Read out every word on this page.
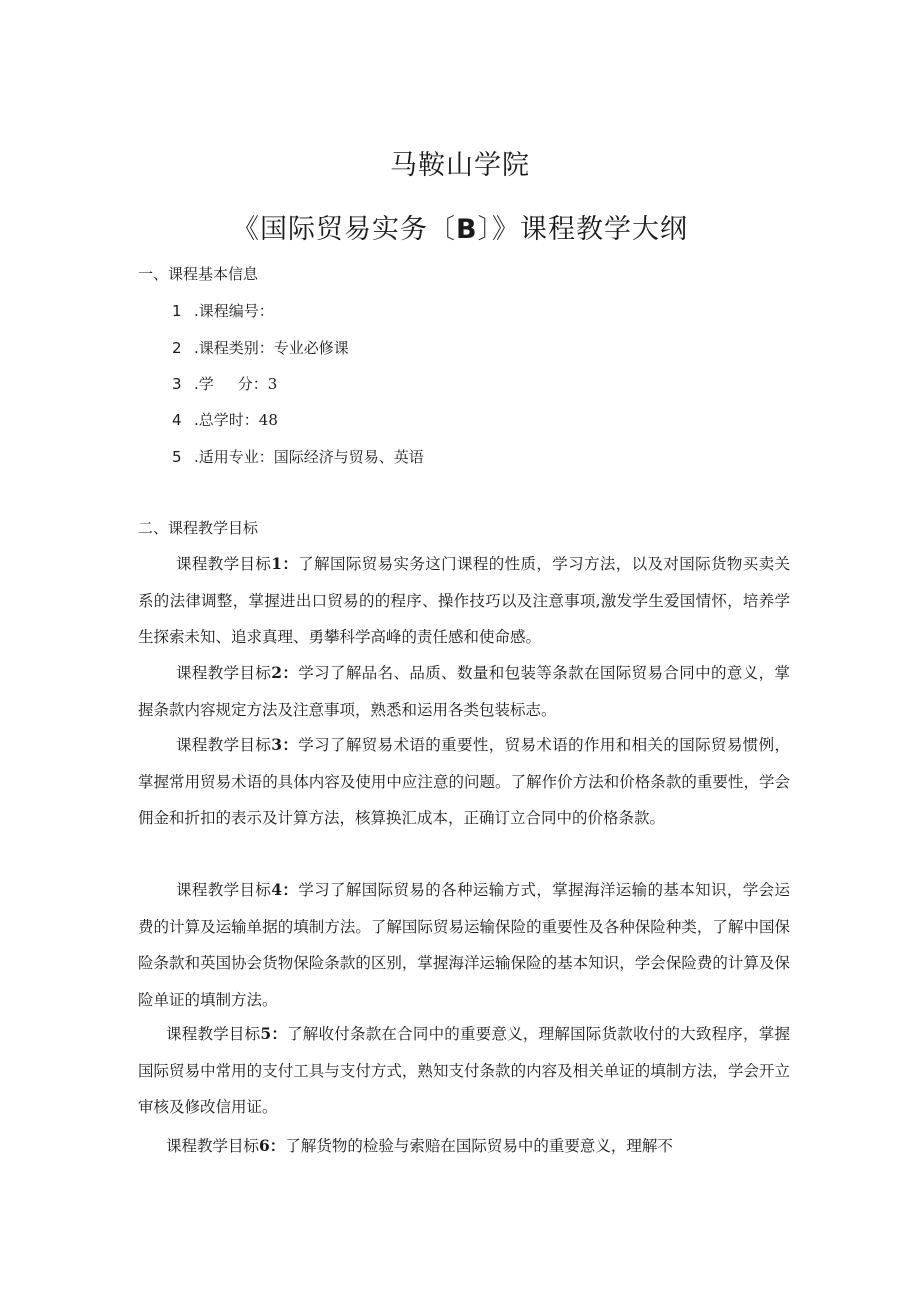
马鞍山学院
《国际贸易实务〔B〕》课程教学大纲
一、课程基本信息
1 .课程编号：
2 .课程类别：专业必修课
3 .学 分：3
4 .总学时：48
5 .适用专业：国际经济与贸易、英语
二、课程教学目标
课程教学目标1：了解国际贸易实务这门课程的性质，学习方法，以及对国际货物买卖关系的法律调整，掌握进出口贸易的的程序、操作技巧以及注意事项,激发学生爱国情怀，培养学生探索未知、追求真理、勇攀科学高峰的责任感和使命感。
课程教学目标2：学习了解品名、品质、数量和包装等条款在国际贸易合同中的意义，掌握条款内容规定方法及注意事项，熟悉和运用各类包装标志。
课程教学目标3：学习了解贸易术语的重要性，贸易术语的作用和相关的国际贸易惯例，掌握常用贸易术语的具体内容及使用中应注意的问题。了解作价方法和价格条款的重要性，学会佣金和折扣的表示及计算方法，核算换汇成本，正确订立合同中的价格条款。
课程教学目标4：学习了解国际贸易的各种运输方式，掌握海洋运输的基本知识，学会运费的计算及运输单据的填制方法。了解国际贸易运输保险的重要性及各种保险种类，了解中国保险条款和英国协会货物保险条款的区别，掌握海洋运输保险的基本知识，学会保险费的计算及保险单证的填制方法。
课程教学目标5：了解收付条款在合同中的重要意义，理解国际货款收付的大致程序，掌握国际贸易中常用的支付工具与支付方式，熟知支付条款的内容及相关单证的填制方法，学会开立审核及修改信用证。
课程教学目标6：了解货物的检验与索赔在国际贸易中的重要意义，理解不
